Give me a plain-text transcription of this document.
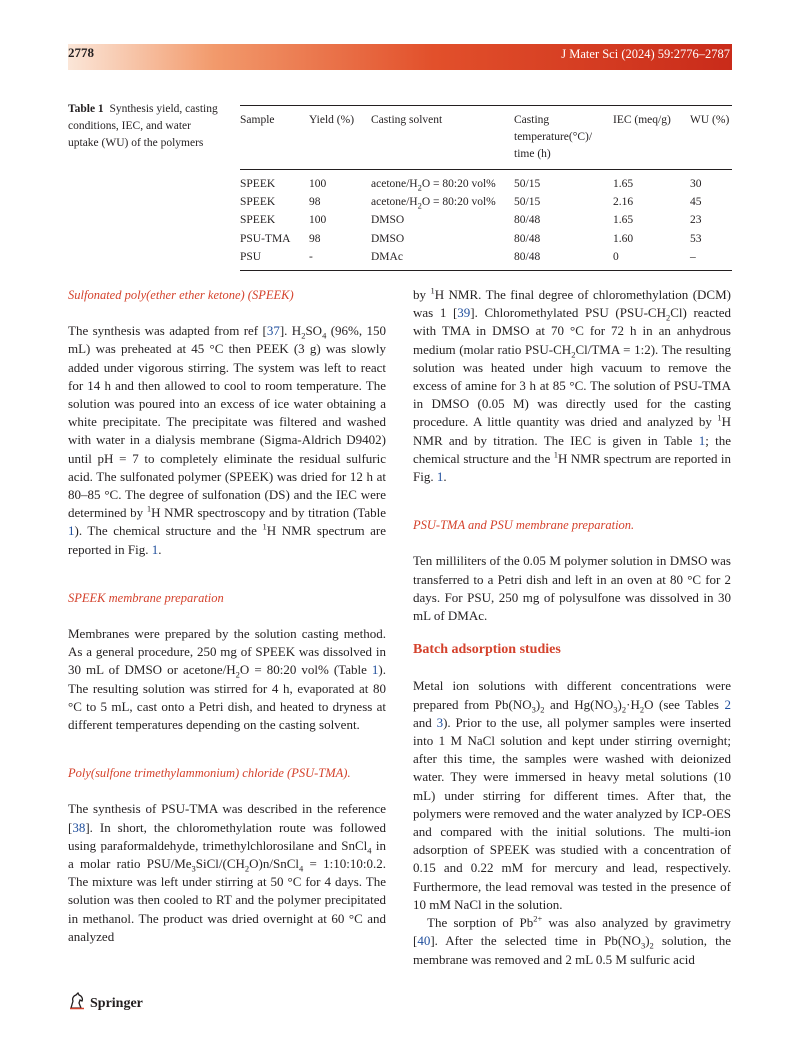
2778	J Mater Sci (2024) 59:2776–2787
Table 1 Synthesis yield, casting conditions, IEC, and water uptake (WU) of the polymers
Sample	Yield (%)	Casting solvent	Casting temperature(°C)/ time (h)	IEC (meq/g)	WU (%)
SPEEK	100	acetone/$H_2O$ = 80:20 vol%	50/15	1.65	30
SPEEK	98	acetone/$H_2O$ = 80:20 vol%	50/15	2.16	45
SPEEK	100	DMSO	80/48	1.65	23
PSU-TMA	98	DMSO	80/48	1.60	53
PSU	-	DMAc	80/48	0	–

Sulfonated poly(ether ether ketone) (SPEEK)

The synthesis was adapted from ref [37]. $H_2SO_4$ (96%, 150 mL) was preheated at 45 °C then PEEK (3 g) was slowly added under vigorous stirring. The system was left to react for 14 h and then allowed to cool to room temperature. The solution was poured into an excess of ice water obtaining a white precipitate. The precipitate was filtered and washed with water in a dialysis membrane (Sigma-Aldrich D9402) until pH = 7 to completely eliminate the residual sulfuric acid. The sulfonated polymer (SPEEK) was dried for 12 h at 80–85 °C. The degree of sulfonation (DS) and the IEC were determined by $^1$H NMR spectroscopy and by titration (Table 1). The chemical structure and the $^1$H NMR spectrum are reported in Fig. 1.

SPEEK membrane preparation

Membranes were prepared by the solution casting method. As a general procedure, 250 mg of SPEEK was dissolved in 30 mL of DMSO or acetone/$H_2O$ = 80:20 vol% (Table 1). The resulting solution was stirred for 4 h, evaporated at 80 °C to 5 mL, cast onto a Petri dish, and heated to dryness at different temperatures depending on the casting solvent.

Poly(sulfone trimethylammonium) chloride (PSU-TMA).

The synthesis of PSU-TMA was described in the reference [38]. In short, the chloromethylation route was followed using paraformaldehyde, trimethylchlorosilane and SnCl$_4$ in a molar ratio PSU/$Me_3SiCl/(CH_2O)n/SnCl_4$ = 1:10:10:0.2. The mixture was left under stirring at 50 °C for 4 days. The solution was then cooled to RT and the polymer precipitated in methanol. The product was dried overnight at 60 °C and analyzed

by $^1$H NMR. The final degree of chloromethylation (DCM) was 1 [39]. Chloromethylated PSU $(PSU-CH_2Cl)$ reacted with TMA in DMSO at 70 °C for 72 h in an anhydrous medium (molar ratio PSU-$CH_2Cl$/TMA = 1:2). The resulting solution was heated under high vacuum to remove the excess of amine for 3 h at 85 °C. The solution of PSU-TMA in DMSO (0.05 M) was directly used for the casting procedure. A little quantity was dried and analyzed by $^1$H NMR and by titration. The IEC is given in Table 1; the chemical structure and the $^1$H NMR spectrum are reported in Fig. 1.

PSU-TMA and PSU membrane preparation.

Ten milliliters of the 0.05 M polymer solution in DMSO was transferred to a Petri dish and left in an oven at 80 °C for 2 days. For PSU, 250 mg of polysulfone was dissolved in 30 mL of DMAc.

Batch adsorption studies

Metal ion solutions with different concentrations were prepared from $Pb(NO_3)_2$ and $Hg(NO_3)_2\cdot H_2O$ (see Tables 2 and 3). Prior to the use, all polymer samples were inserted into 1 M NaCl solution and kept under stirring overnight; after this time, the samples were washed with deionized water. They were immersed in heavy metal solutions (10 mL) under stirring for different times. After that, the polymers were removed and the water analyzed by ICP-OES and compared with the initial solutions. The multi-ion adsorption of SPEEK was studied with a concentration of 0.15 and 0.22 mM for mercury and lead, respectively. Furthermore, the lead removal was tested in the presence of 10 mM NaCl in the solution.

The sorption of $Pb^{2+}$ was also analyzed by gravimetry [40]. After the selected time in $Pb(NO_3)_2$ solution, the membrane was removed and 2 mL 0.5 M sulfuric acid

Springer
